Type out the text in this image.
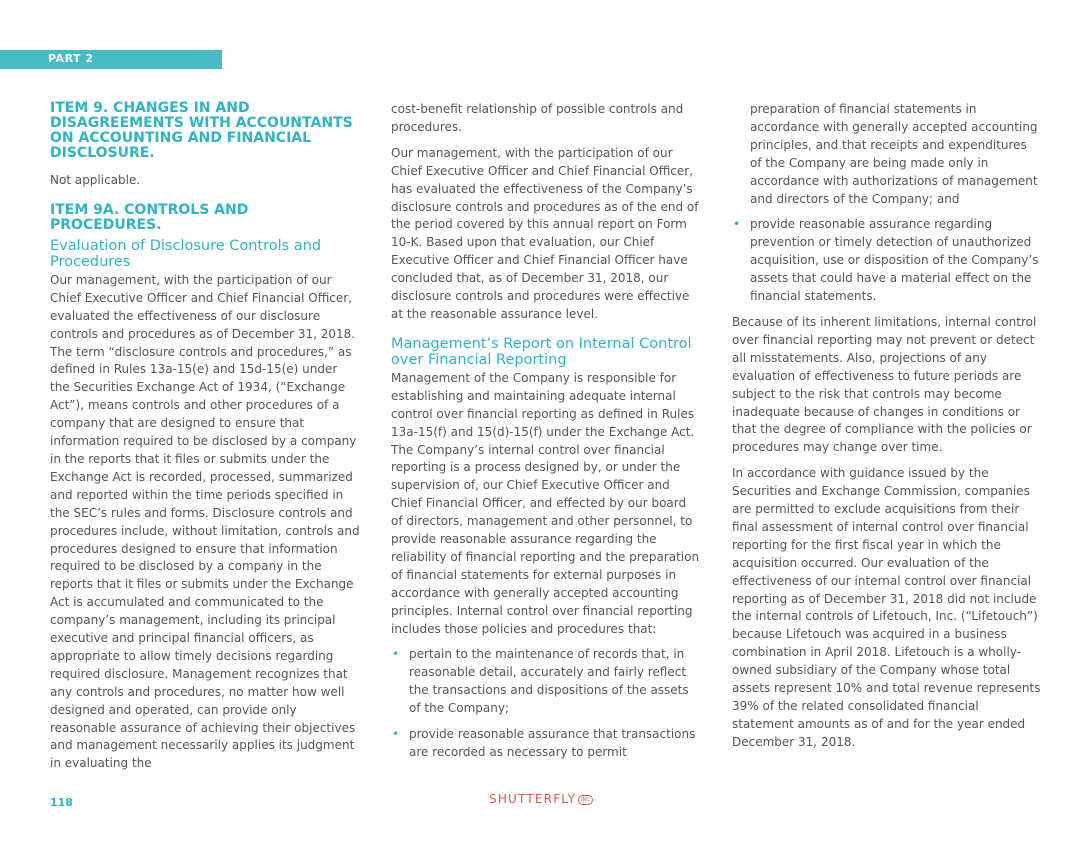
PART 2
ITEM 9. CHANGES IN AND DISAGREEMENTS WITH ACCOUNTANTS ON ACCOUNTING AND FINANCIAL DISCLOSURE.

Not applicable.

ITEM 9A. CONTROLS AND PROCEDURES.
Evaluation of Disclosure Controls and Procedures

Our management, with the participation of our Chief Executive Officer and Chief Financial Officer, evaluated the effectiveness of our disclosure controls and procedures as of December 31, 2018. The term “disclosure controls and procedures,” as defined in Rules 13a-15(e) and 15d-15(e) under the Securities Exchange Act of 1934, (“Exchange Act”), means controls and other procedures of a company that are designed to ensure that information required to be disclosed by a company in the reports that it files or submits under the Exchange Act is recorded, processed, summarized and reported within the time periods specified in the SEC’s rules and forms. Disclosure controls and procedures include, without limitation, controls and procedures designed to ensure that information required to be disclosed by a company in the reports that it files or submits under the Exchange Act is accumulated and communicated to the company’s management, including its principal executive and principal financial officers, as appropriate to allow timely decisions regarding required disclosure. Management recognizes that any controls and procedures, no matter how well designed and operated, can provide only reasonable assurance of achieving their objectives and management necessarily applies its judgment in evaluating the

cost-benefit relationship of possible controls and procedures.

Our management, with the participation of our Chief Executive Officer and Chief Financial Officer, has evaluated the effectiveness of the Company’s disclosure controls and procedures as of the end of the period covered by this annual report on Form 10-K. Based upon that evaluation, our Chief Executive Officer and Chief Financial Officer have concluded that, as of December 31, 2018, our disclosure controls and procedures were effective at the reasonable assurance level.

Management’s Report on Internal Control over Financial Reporting

Management of the Company is responsible for establishing and maintaining adequate internal control over financial reporting as defined in Rules 13a-15(f) and 15(d)-15(f) under the Exchange Act. The Company’s internal control over financial reporting is a process designed by, or under the supervision of, our Chief Executive Officer and Chief Financial Officer, and effected by our board of directors, management and other personnel, to provide reasonable assurance regarding the reliability of financial reporting and the preparation of financial statements for external purposes in accordance with generally accepted accounting principles. Internal control over financial reporting includes those policies and procedures that:

• pertain to the maintenance of records that, in reasonable detail, accurately and fairly reflect the transactions and dispositions of the assets of the Company;
• provide reasonable assurance that transactions are recorded as necessary to permit
preparation of financial statements in accordance with generally accepted accounting principles, and that receipts and expenditures of the Company are being made only in accordance with authorizations of management and directors of the Company; and
• provide reasonable assurance regarding prevention or timely detection of unauthorized acquisition, use or disposition of the Company’s assets that could have a material effect on the financial statements.

Because of its inherent limitations, internal control over financial reporting may not prevent or detect all misstatements. Also, projections of any evaluation of effectiveness to future periods are subject to the risk that controls may become inadequate because of changes in conditions or that the degree of compliance with the policies or procedures may change over time.

In accordance with guidance issued by the Securities and Exchange Commission, companies are permitted to exclude acquisitions from their final assessment of internal control over financial reporting for the first fiscal year in which the acquisition occurred. Our evaluation of the effectiveness of our internal control over financial reporting as of December 31, 2018 did not include the internal controls of Lifetouch, Inc. (“Lifetouch”) because Lifetouch was acquired in a business combination in April 2018. Lifetouch is a wholly-owned subsidiary of the Company whose total assets represent 10% and total revenue represents 39% of the related consolidated financial statement amounts as of and for the year ended December 31, 2018.

118	SHUTTERFLY INC
